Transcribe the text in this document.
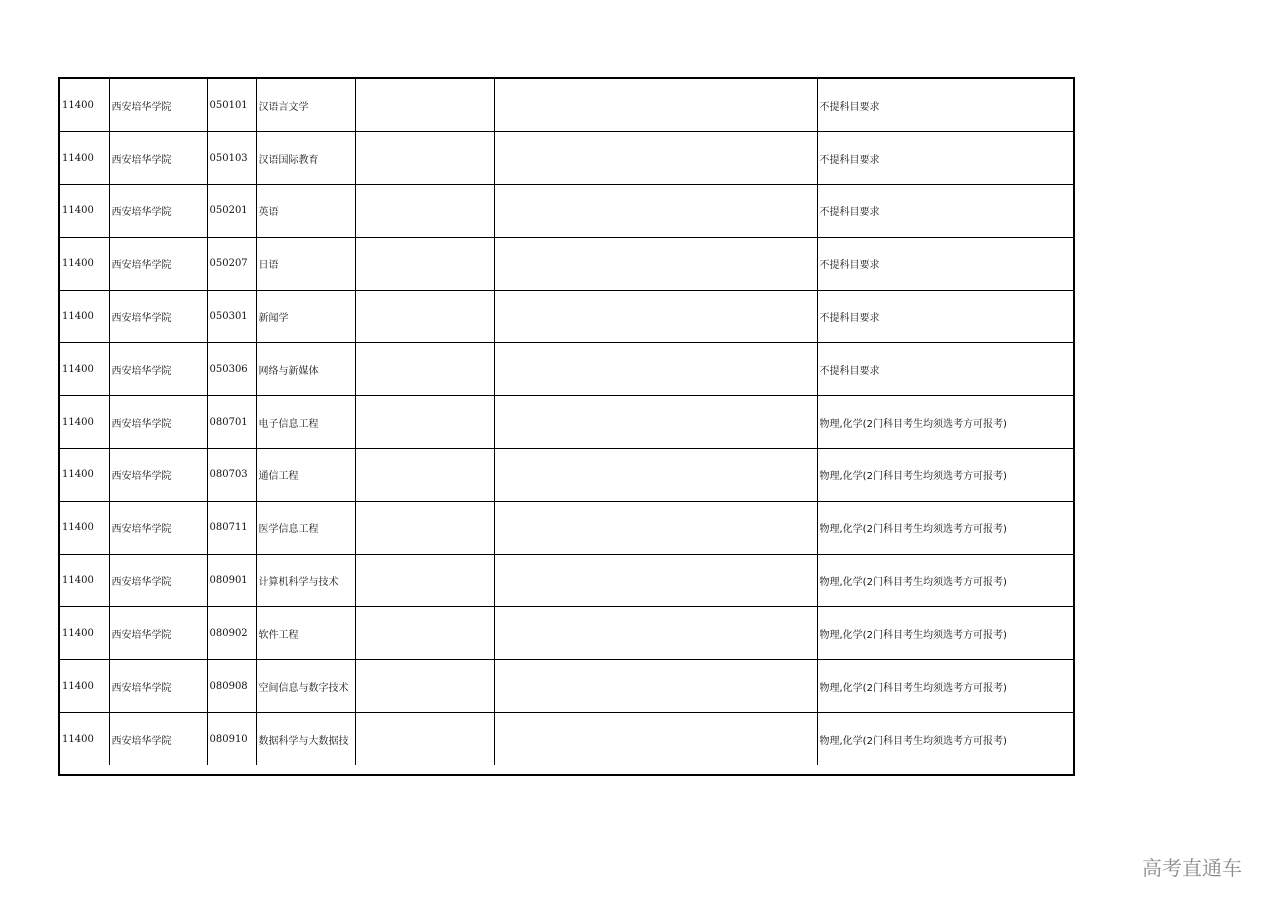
11400	西安培华学院	050101	汉语言文学			不提科目要求
11400	西安培华学院	050103	汉语国际教育			不提科目要求
11400	西安培华学院	050201	英语			不提科目要求
11400	西安培华学院	050207	日语			不提科目要求
11400	西安培华学院	050301	新闻学			不提科目要求
11400	西安培华学院	050306	网络与新媒体			不提科目要求
11400	西安培华学院	080701	电子信息工程			物理,化学(2门科目考生均须选考方可报考)
11400	西安培华学院	080703	通信工程			物理,化学(2门科目考生均须选考方可报考)
11400	西安培华学院	080711	医学信息工程			物理,化学(2门科目考生均须选考方可报考)
11400	西安培华学院	080901	计算机科学与技术			物理,化学(2门科目考生均须选考方可报考)
11400	西安培华学院	080902	软件工程			物理,化学(2门科目考生均须选考方可报考)
11400	西安培华学院	080908	空间信息与数字技术			物理,化学(2门科目考生均须选考方可报考)
11400	西安培华学院	080910	数据科学与大数据技			物理,化学(2门科目考生均须选考方可报考)
高考直通车
